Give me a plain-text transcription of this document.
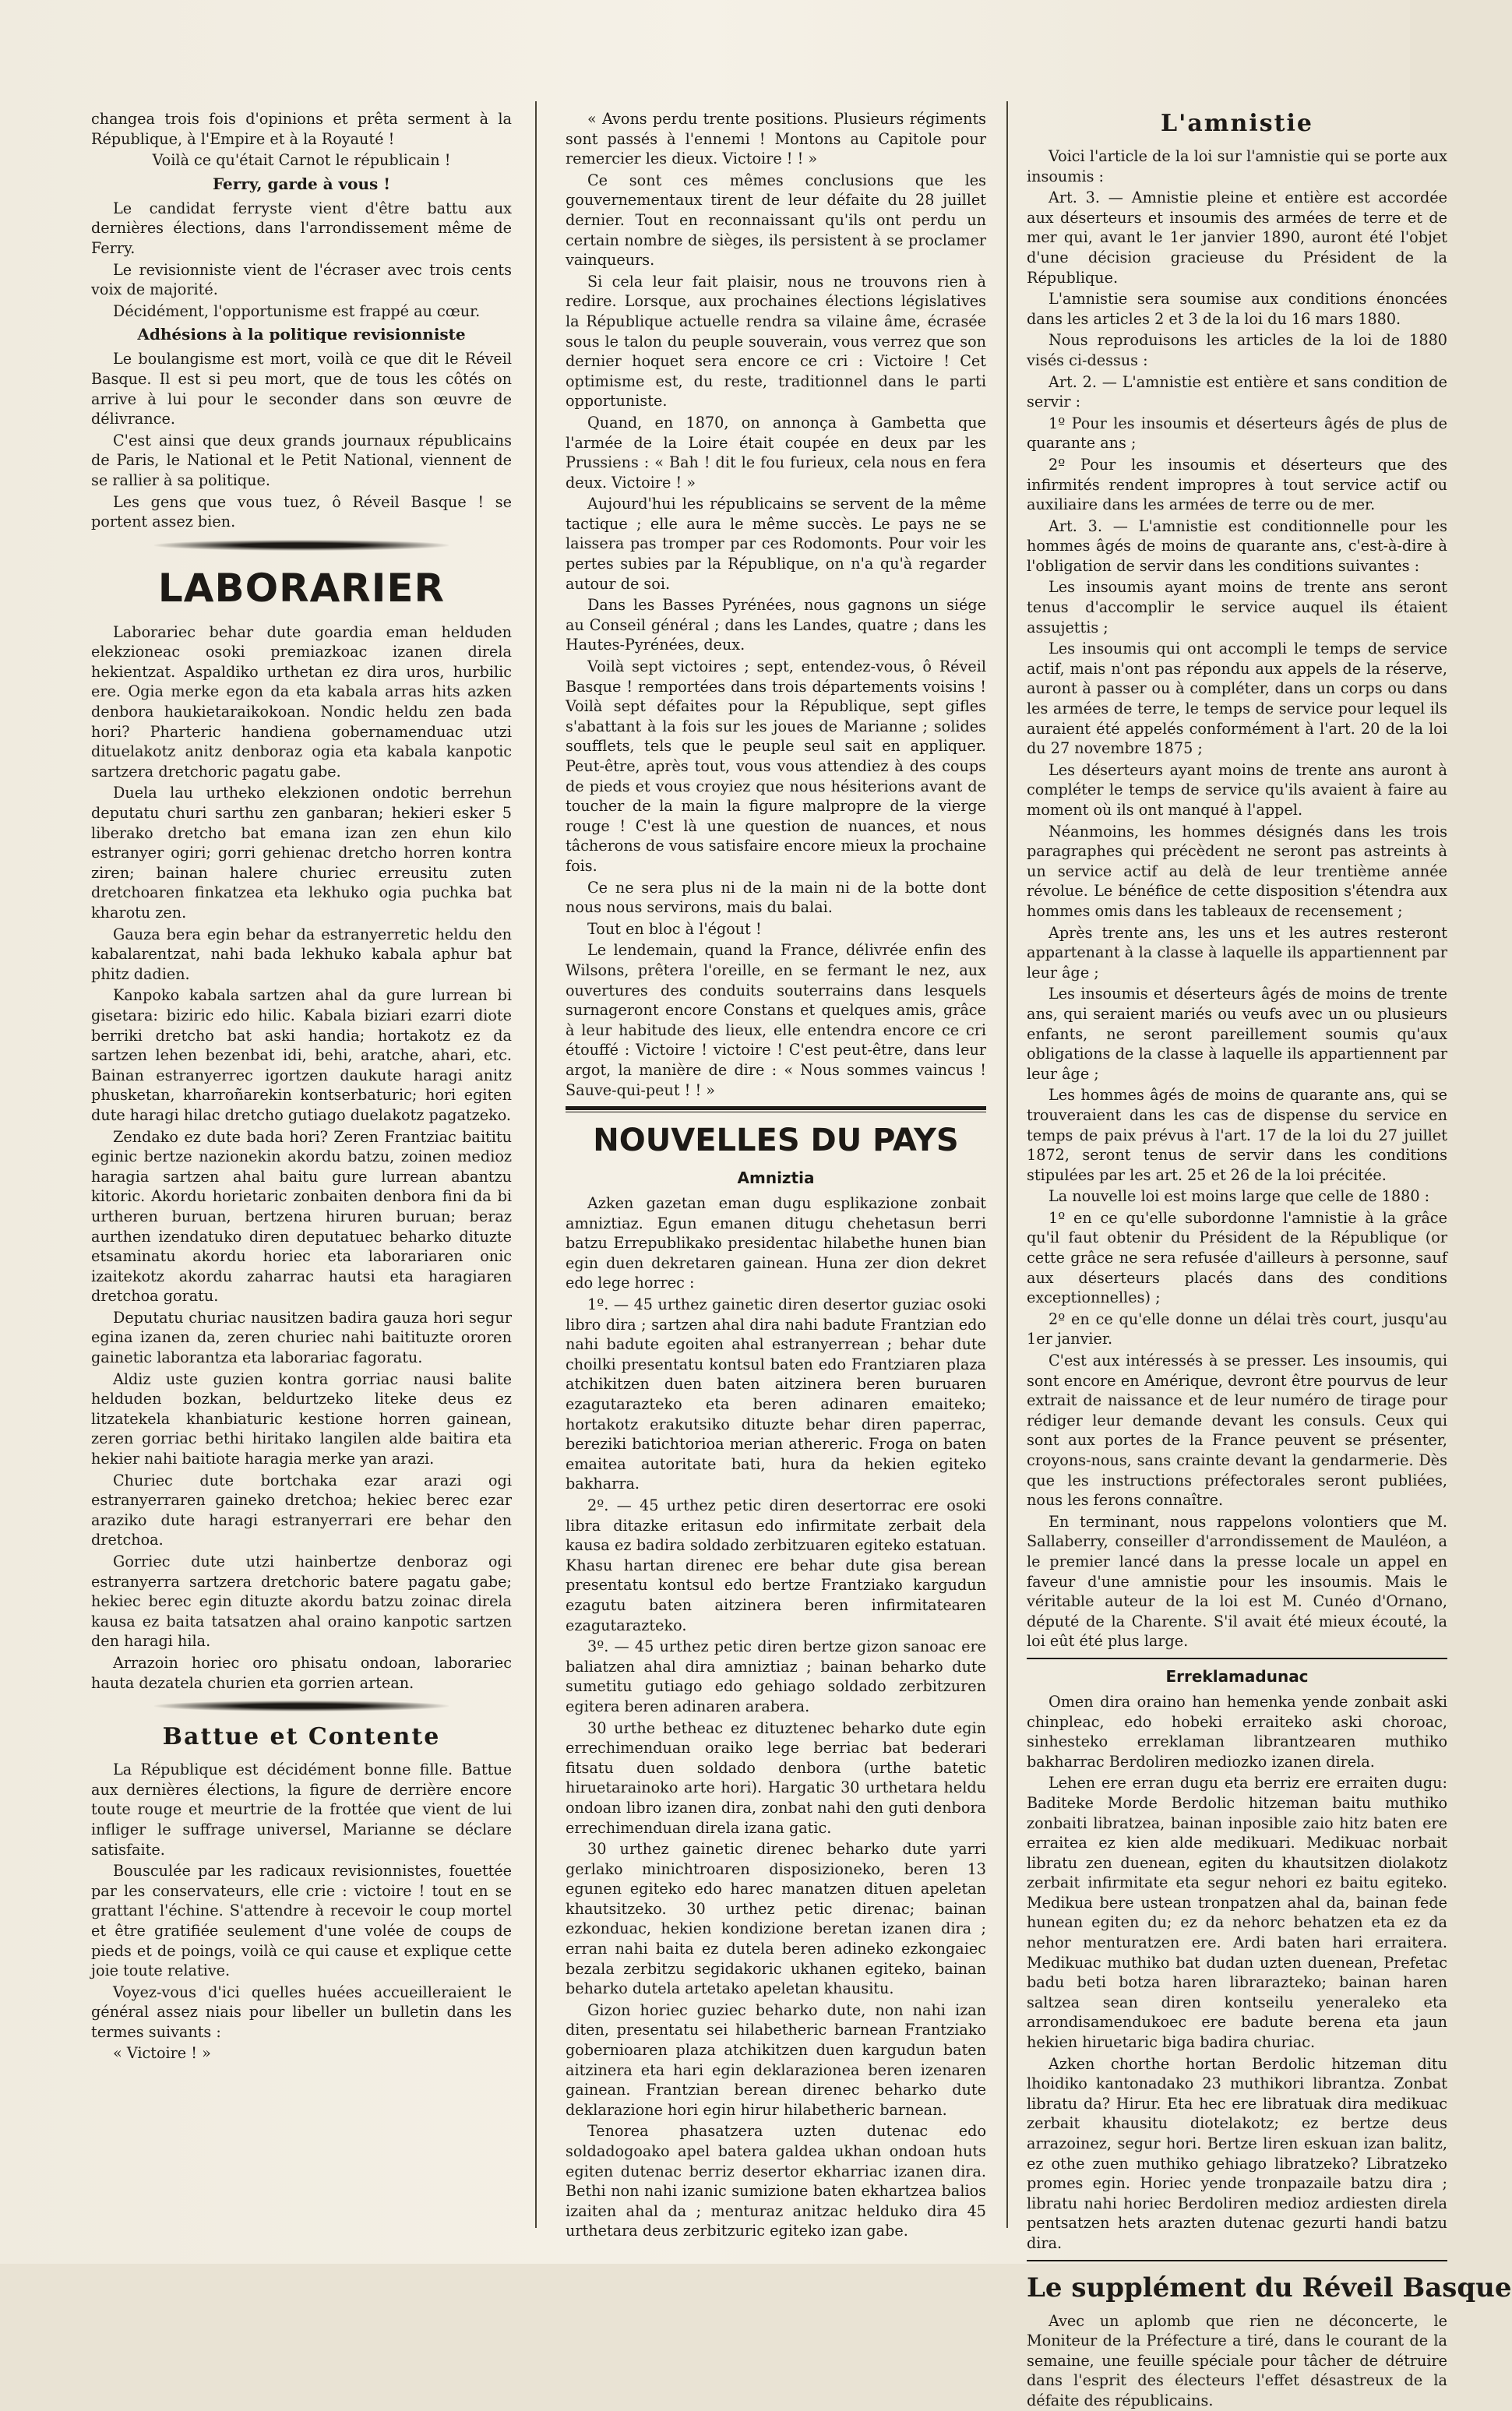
changea trois fois d'opinions et prêta serment à la République, à l'Empire et à la Royauté !

Voilà ce qu'était Carnot le républicain !

Ferry, garde à vous !

Le candidat ferryste vient d'être battu aux dernières élections, dans l'arrondissement même de Ferry.

Le revisionniste vient de l'écraser avec trois cents voix de majorité.

Décidément, l'opportunisme est frappé au cœur.

Adhésions à la politique revisionniste

Le boulangisme est mort, voilà ce que dit le Réveil Basque. Il est si peu mort, que de tous les côtés on arrive à lui pour le seconder dans son œuvre de délivrance.

C'est ainsi que deux grands journaux républicains de Paris, le National et le Petit National, viennent de se rallier à sa politique.

Les gens que vous tuez, ô Réveil Basque ! se portent assez bien.

LABORARIER

Laborariec behar dute goardia eman helduden elekzioneac osoki premiazkoac izanen direla hekientzat. Aspaldiko urthetan ez dira uros, hurbilic ere. Ogia merke egon da eta kabala arras hits azken denbora haukietaraikokoan. Nondic heldu zen bada hori? Pharteric handiena gobernamenduac utzi dituelakotz anitz denboraz ogia eta kabala kanpotic sartzera dretchoric pagatu gabe.

Duela lau urtheko elekzionen ondotic berrehun deputatu churi sarthu zen ganbaran; hekieri esker 5 liberako dretcho bat emana izan zen ehun kilo estranyer ogiri; gorri gehienac dretcho horren kontra ziren; bainan halere churiec erreusitu zuten dretchoaren finkatzea eta lekhuko ogia puchka bat kharotu zen.

Gauza bera egin behar da estranyerretic heldu den kabalarentzat, nahi bada lekhuko kabala aphur bat phitz dadien.

Kanpoko kabala sartzen ahal da gure lurrean bi gisetara: biziric edo hilic. Kabala biziari ezarri diote berriki dretcho bat aski handia; hortakotz ez da sartzen lehen bezenbat idi, behi, aratche, ahari, etc. Bainan estranyerrec igortzen daukute haragi anitz phusketan, kharroñarekin kontserbaturic; hori egiten dute haragi hilac dretcho gutiago duelakotz pagatzeko.

Zendako ez dute bada hori? Zeren Frantziac baititu eginic bertze nazionekin akordu batzu, zoinen medioz haragia sartzen ahal baitu gure lurrean abantzu kitoric. Akordu horietaric zonbaiten denbora fini da bi urtheren buruan, bertzena hiruren buruan; beraz aurthen izendatuko diren deputatuec beharko dituzte etsaminatu akordu horiec eta laborariaren onic izaitekotz akordu zaharrac hautsi eta haragiaren dretchoa goratu.

Deputatu churiac nausitzen badira gauza hori segur egina izanen da, zeren churiec nahi baitituzte ororen gainetic laborantza eta laborariac fagoratu.

Aldiz uste guzien kontra gorriac nausi balite helduden bozkan, beldurtzeko liteke deus ez litzatekela khanbiaturic kestione horren gainean, zeren gorriac bethi hiritako langilen alde baitira eta hekier nahi baitiote haragia merke yan arazi.

Churiec dute bortchaka ezar arazi ogi estranyerraren gaineko dretchoa; hekiec berec ezar araziko dute haragi estranyerrari ere behar den dretchoa.

Gorriec dute utzi hainbertze denboraz ogi estranyerra sartzera dretchoric batere pagatu gabe; hekiec berec egin dituzte akordu batzu zoinac direla kausa ez baita tatsatzen ahal oraino kanpotic sartzen den haragi hila.

Arrazoin horiec oro phisatu ondoan, laborariec hauta dezatela churien eta gorrien artean.

Battue et Contente

La République est décidément bonne fille. Battue aux dernières élections, la figure de derrière encore toute rouge et meurtrie de la frottée que vient de lui infliger le suffrage universel, Marianne se déclare satisfaite.

Bousculée par les radicaux revisionnistes, fouettée par les conservateurs, elle crie : victoire ! tout en se grattant l'échine. S'attendre à recevoir le coup mortel et être gratifiée seulement d'une volée de coups de pieds et de poings, voilà ce qui cause et explique cette joie toute relative.

Voyez-vous d'ici quelles huées accueilleraient le général assez niais pour libeller un bulletin dans les termes suivants :

« Victoire ! »

« Avons perdu trente positions. Plusieurs régiments sont passés à l'ennemi ! Montons au Capitole pour remercier les dieux. Victoire ! ! »

Ce sont ces mêmes conclusions que les gouvernementaux tirent de leur défaite du 28 juillet dernier. Tout en reconnaissant qu'ils ont perdu un certain nombre de sièges, ils persistent à se proclamer vainqueurs.

Si cela leur fait plaisir, nous ne trouvons rien à redire. Lorsque, aux prochaines élections législatives la République actuelle rendra sa vilaine âme, écrasée sous le talon du peuple souverain, vous verrez que son dernier hoquet sera encore ce cri : Victoire ! Cet optimisme est, du reste, traditionnel dans le parti opportuniste.

Quand, en 1870, on annonça à Gambetta que l'armée de la Loire était coupée en deux par les Prussiens : « Bah ! dit le fou furieux, cela nous en fera deux. Victoire ! »

Aujourd'hui les républicains se servent de la même tactique ; elle aura le même succès. Le pays ne se laissera pas tromper par ces Rodomonts. Pour voir les pertes subies par la République, on n'a qu'à regarder autour de soi.

Dans les Basses Pyrénées, nous gagnons un siége au Conseil général ; dans les Landes, quatre ; dans les Hautes-Pyrénées, deux.

Voilà sept victoires ; sept, entendez-vous, ô Réveil Basque ! remportées dans trois départements voisins ! Voilà sept défaites pour la République, sept gifles s'abattant à la fois sur les joues de Marianne ; solides soufflets, tels que le peuple seul sait en appliquer. Peut-être, après tout, vous vous attendiez à des coups de pieds et vous croyiez que nous hésiterions avant de toucher de la main la figure malpropre de la vierge rouge ! C'est là une question de nuances, et nous tâcherons de vous satisfaire encore mieux la prochaine fois.

Ce ne sera plus ni de la main ni de la botte dont nous nous servirons, mais du balai.

Tout en bloc à l'égout !

Le lendemain, quand la France, délivrée enfin des Wilsons, prêtera l'oreille, en se fermant le nez, aux ouvertures des conduits souterrains dans lesquels surnageront encore Constans et quelques amis, grâce à leur habitude des lieux, elle entendra encore ce cri étouffé : Victoire ! victoire ! C'est peut-être, dans leur argot, la manière de dire : « Nous sommes vaincus ! Sauve-qui-peut ! ! »

NOUVELLES DU PAYS
Amniztia

Azken gazetan eman dugu esplikazione zonbait amniztiaz. Egun emanen ditugu chehetasun berri batzu Errepublikako presidentac hilabethe hunen bian egin duen dekretaren gainean. Huna zer dion dekret edo lege horrec :

1º. — 45 urthez gainetic diren desertor guziac osoki libro dira ; sartzen ahal dira nahi badute Frantzian edo nahi badute egoiten ahal estranyerrean ; behar dute choilki presentatu kontsul baten edo Frantziaren plaza atchikitzen duen baten aitzinera beren buruaren ezagutarazteko eta beren adinaren emaiteko; hortakotz erakutsiko dituzte behar diren paperrac, bereziki batichtorioa merian athereric. Froga on baten emaitea autoritate bati, hura da hekien egiteko bakharra.

2º. — 45 urthez petic diren desertorrac ere osoki libra ditazke eritasun edo infirmitate zerbait dela kausa ez badira soldado zerbitzuaren egiteko estatuan. Khasu hartan direnec ere behar dute gisa berean presentatu kontsul edo bertze Frantziako kargudun ezagutu baten aitzinera beren infirmitatearen ezagutarazteko.

3º. — 45 urthez petic diren bertze gizon sanoac ere baliatzen ahal dira amniztiaz ; bainan beharko dute sumetitu gutiago edo gehiago soldado zerbitzuren egitera beren adinaren arabera.

30 urthe betheac ez dituztenec beharko dute egin errechimenduan oraiko lege berriac bat bederari fitsatu duen soldado denbora (urthe batetic hiruetarainoko arte hori). Hargatic 30 urthetara heldu ondoan libro izanen dira, zonbat nahi den guti denbora errechimenduan direla izana gatic.

30 urthez gainetic direnec beharko dute yarri gerlako minichtroaren disposizioneko, beren 13 egunen egiteko edo harec manatzen dituen apeletan khautsitzeko. 30 urthez petic direnac; bainan ezkonduac, hekien kondizione beretan izanen dira ; erran nahi baita ez dutela beren adineko ezkongaiec bezala zerbitzu segidakoric ukhanen egiteko, bainan beharko dutela artetako apeletan khausitu.

Gizon horiec guziec beharko dute, non nahi izan diten, presentatu sei hilabetheric barnean Frantziako gobernioaren plaza atchikitzen duen kargudun baten aitzinera eta hari egin deklarazionea beren izenaren gainean. Frantzian berean direnec beharko dute deklarazione hori egin hirur hilabetheric barnean.

Tenorea phasatzera uzten dutenac edo soldadogoako apel batera galdea ukhan ondoan huts egiten dutenac berriz desertor ekharriac izanen dira. Bethi non nahi izanic sumizione baten ekhartzea balios izaiten ahal da ; menturaz anitzac helduko dira 45 urthetara deus zerbitzuric egiteko izan gabe.

L'amnistie

Voici l'article de la loi sur l'amnistie qui se porte aux insoumis :

Art. 3. — Amnistie pleine et entière est accordée aux déserteurs et insoumis des armées de terre et de mer qui, avant le 1er janvier 1890, auront été l'objet d'une décision gracieuse du Président de la République.

L'amnistie sera soumise aux conditions énoncées dans les articles 2 et 3 de la loi du 16 mars 1880.

Nous reproduisons les articles de la loi de 1880 visés ci-dessus :

Art. 2. — L'amnistie est entière et sans condition de servir :

1º Pour les insoumis et déserteurs âgés de plus de quarante ans ;

2º Pour les insoumis et déserteurs que des infirmités rendent impropres à tout service actif ou auxiliaire dans les armées de terre ou de mer.

Art. 3. — L'amnistie est conditionnelle pour les hommes âgés de moins de quarante ans, c'est-à-dire à l'obligation de servir dans les conditions suivantes :

Les insoumis ayant moins de trente ans seront tenus d'accomplir le service auquel ils étaient assujettis ;

Les insoumis qui ont accompli le temps de service actif, mais n'ont pas répondu aux appels de la réserve, auront à passer ou à compléter, dans un corps ou dans les armées de terre, le temps de service pour lequel ils auraient été appelés conformément à l'art. 20 de la loi du 27 novembre 1875 ;

Les déserteurs ayant moins de trente ans auront à compléter le temps de service qu'ils avaient à faire au moment où ils ont manqué à l'appel.

Néanmoins, les hommes désignés dans les trois paragraphes qui précèdent ne seront pas astreints à un service actif au delà de leur trentième année révolue. Le bénéfice de cette disposition s'étendra aux hommes omis dans les tableaux de recensement ;

Après trente ans, les uns et les autres resteront appartenant à la classe à laquelle ils appartiennent par leur âge ;

Les insoumis et déserteurs âgés de moins de trente ans, qui seraient mariés ou veufs avec un ou plusieurs enfants, ne seront pareillement soumis qu'aux obligations de la classe à laquelle ils appartiennent par leur âge ;

Les hommes âgés de moins de quarante ans, qui se trouveraient dans les cas de dispense du service en temps de paix prévus à l'art. 17 de la loi du 27 juillet 1872, seront tenus de servir dans les conditions stipulées par les art. 25 et 26 de la loi précitée.

La nouvelle loi est moins large que celle de 1880 :

1º en ce qu'elle subordonne l'amnistie à la grâce qu'il faut obtenir du Président de la République (or cette grâce ne sera refusée d'ailleurs à personne, sauf aux déserteurs placés dans des conditions exceptionnelles) ;

2º en ce qu'elle donne un délai très court, jusqu'au 1er janvier.

C'est aux intéressés à se presser. Les insoumis, qui sont encore en Amérique, devront être pourvus de leur extrait de naissance et de leur numéro de tirage pour rédiger leur demande devant les consuls. Ceux qui sont aux portes de la France peuvent se présenter, croyons-nous, sans crainte devant la gendarmerie. Dès que les instructions préfectorales seront publiées, nous les ferons connaître.

En terminant, nous rappelons volontiers que M. Sallaberry, conseiller d'arrondissement de Mauléon, a le premier lancé dans la presse locale un appel en faveur d'une amnistie pour les insoumis. Mais le véritable auteur de la loi est M. Cunéo d'Ornano, député de la Charente. S'il avait été mieux écouté, la loi eût été plus large.

Erreklamadunac

Omen dira oraino han hemenka yende zonbait aski chinpleac, edo hobeki erraiteko aski choroac, sinhesteko erreklaman librantzearen muthiko bakharrac Berdoliren mediozko izanen direla.

Lehen ere erran dugu eta berriz ere erraiten dugu: Baditeke Morde Berdolic hitzeman baitu muthiko zonbaiti libratzea, bainan inposible zaio hitz baten ere erraitea ez kien alde medikuari. Medikuac norbait libratu zen duenean, egiten du khautsitzen diolakotz zerbait infirmitate eta segur nehori ez baitu egiteko. Medikua bere ustean tronpatzen ahal da, bainan fede hunean egiten du; ez da nehorc behatzen eta ez da nehor menturatzen ere. Ardi baten hari erraitera. Medikuac muthiko bat dudan uzten duenean, Prefetac badu beti botza haren librarazteko; bainan haren saltzea sean diren kontseilu yeneraleko eta arrondisamendukoec ere badute berena eta jaun hekien hiruetaric biga badira churiac.

Azken chorthe hortan Berdolic hitzeman ditu lhoidiko kantonadako 23 muthikori librantza. Zonbat libratu da? Hirur. Eta hec ere libratuak dira medikuac zerbait khausitu diotelakotz; ez bertze deus arrazoinez, segur hori. Bertze liren eskuan izan balitz, ez othe zuen muthiko gehiago libratzeko? Libratzeko promes egin. Horiec yende tronpazaile batzu dira ; libratu nahi horiec Berdoliren medioz ardiesten direla pentsatzen hets arazten dutenac gezurti handi batzu dira.

Le supplément du Réveil Basque

Avec un aplomb que rien ne déconcerte, le Moniteur de la Préfecture a tiré, dans le courant de la semaine, une feuille spéciale pour tâcher de détruire dans l'esprit des électeurs l'effet désastreux de la défaite des républicains.
